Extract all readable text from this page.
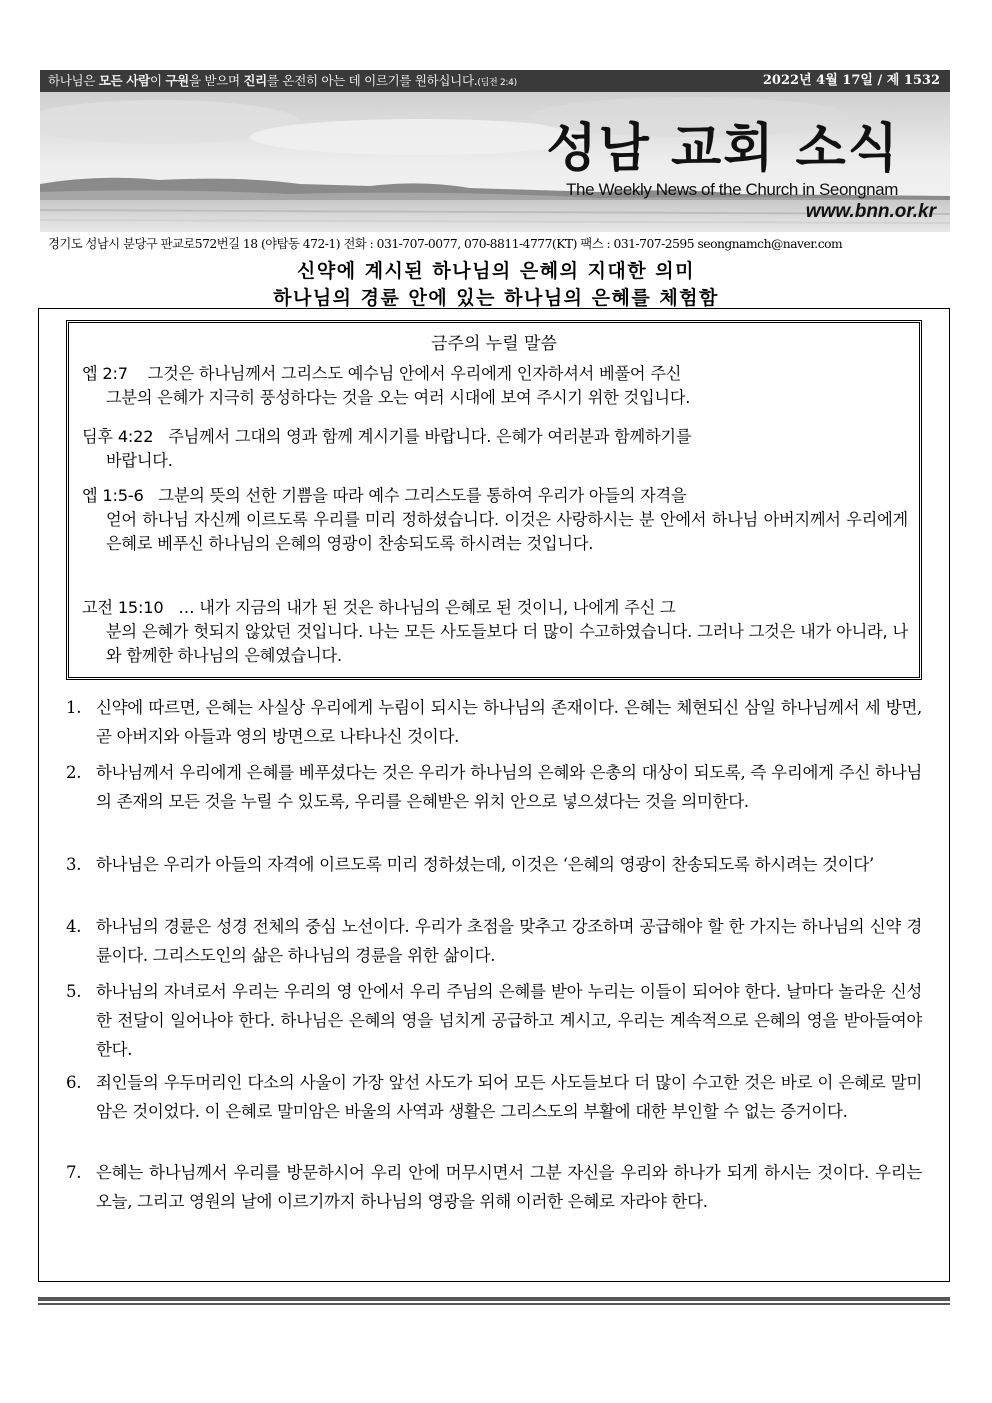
하나님은 모든 사람이 구원을 받으며 진리를 온전히 아는 데 이르기를 원하십니다.(딤전 2:4)	2022년 4월 17일 / 제 1532
성남 교회 소식
The Weekly News of the Church in Seongnam
www.bnn.or.kr
경기도 성남시 분당구 판교로572번길 18 (야탑동 472-1) 전화 : 031-707-0077, 070-8811-4777(KT) 팩스 : 031-707-2595 seongnamch@naver.com
신약에 계시된 하나님의 은혜의 지대한 의미
하나님의 경륜 안에 있는 하나님의 은혜를 체험함
금주의 누릴 말씀
엡 2:7 그것은 하나님께서 그리스도 예수님 안에서 우리에게 인자하셔서 베풀어 주신
그분의 은혜가 지극히 풍성하다는 것을 오는 여러 시대에 보여 주시기 위한 것입니다.
딤후 4:22 주님께서 그대의 영과 함께 계시기를 바랍니다. 은혜가 여러분과 함께하기를
바랍니다.
엡 1:5-6 그분의 뜻의 선한 기쁨을 따라 예수 그리스도를 통하여 우리가 아들의 자격을
얻어 하나님 자신께 이르도록 우리를 미리 정하셨습니다. 이것은 사랑하시는 분 안에서 하나님 아버지께서 우리에게 은혜로 베푸신 하나님의 은혜의 영광이 찬송되도록 하시려는 것입니다.
고전 15:10 … 내가 지금의 내가 된 것은 하나님의 은혜로 된 것이니, 나에게 주신 그
분의 은혜가 헛되지 않았던 것입니다. 나는 모든 사도들보다 더 많이 수고하였습니다. 그러나 그것은 내가 아니라, 나와 함께한 하나님의 은혜였습니다.
1. 신약에 따르면, 은혜는 사실상 우리에게 누림이 되시는 하나님의 존재이다. 은혜는 체현되신 삼일 하나님께서 세 방면, 곧 아버지와 아들과 영의 방면으로 나타나신 것이다.
2. 하나님께서 우리에게 은혜를 베푸셨다는 것은 우리가 하나님의 은혜와 은총의 대상이 되도록, 즉 우리에게 주신 하나님의 존재의 모든 것을 누릴 수 있도록, 우리를 은혜받은 위치 안으로 넣으셨다는 것을 의미한다.
3. 하나님은 우리가 아들의 자격에 이르도록 미리 정하셨는데, 이것은 ‘은혜의 영광이 찬송되도록 하시려는 것이다’
4. 하나님의 경륜은 성경 전체의 중심 노선이다. 우리가 초점을 맞추고 강조하며 공급해야 할 한 가지는 하나님의 신약 경륜이다. 그리스도인의 삶은 하나님의 경륜을 위한 삶이다.
5. 하나님의 자녀로서 우리는 우리의 영 안에서 우리 주님의 은혜를 받아 누리는 이들이 되어야 한다. 날마다 놀라운 신성한 전달이 일어나야 한다. 하나님은 은혜의 영을 넘치게 공급하고 계시고, 우리는 계속적으로 은혜의 영을 받아들여야 한다.
6. 죄인들의 우두머리인 다소의 사울이 가장 앞선 사도가 되어 모든 사도들보다 더 많이 수고한 것은 바로 이 은혜로 말미암은 것이었다. 이 은혜로 말미암은 바울의 사역과 생활은 그리스도의 부활에 대한 부인할 수 없는 증거이다.
7. 은혜는 하나님께서 우리를 방문하시어 우리 안에 머무시면서 그분 자신을 우리와 하나가 되게 하시는 것이다. 우리는 오늘, 그리고 영원의 날에 이르기까지 하나님의 영광을 위해 이러한 은혜로 자라야 한다.
